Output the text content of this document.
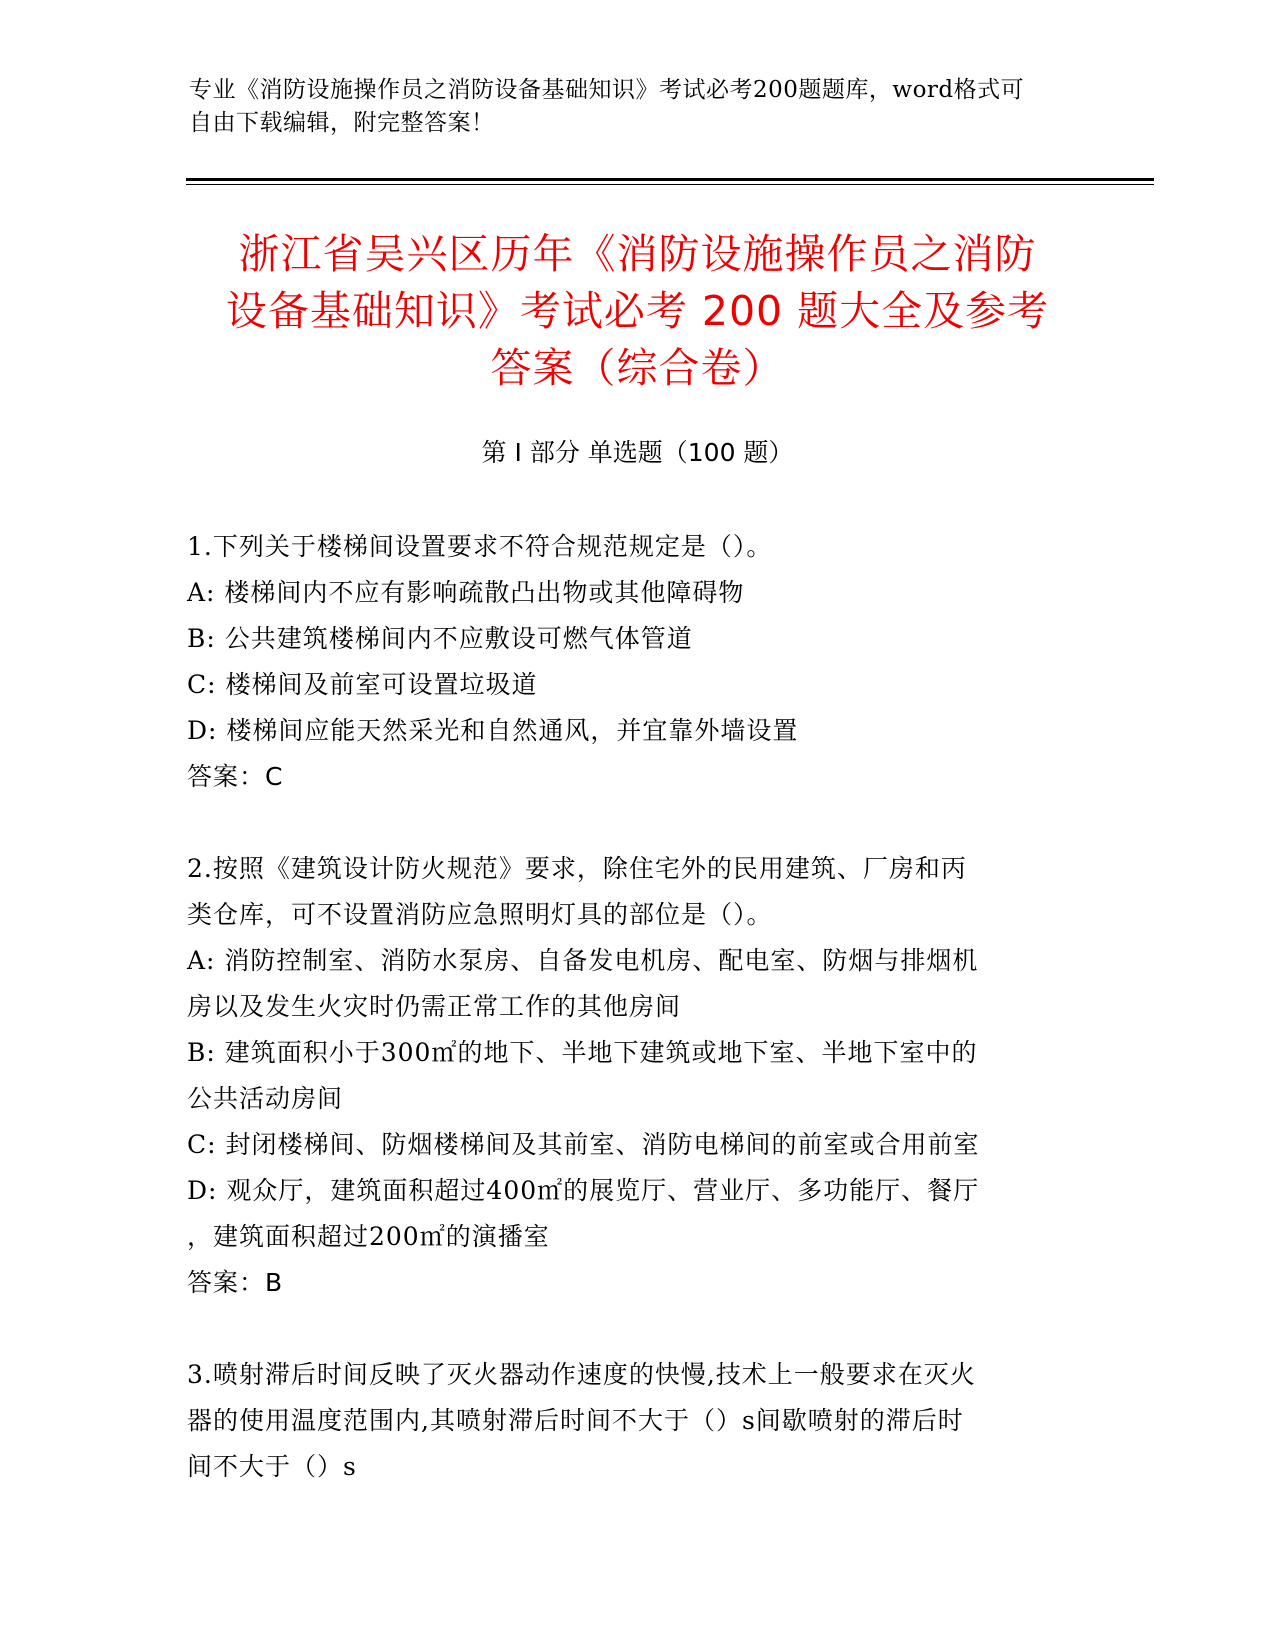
专业《消防设施操作员之消防设备基础知识》考试必考200题题库，word格式可
自由下载编辑，附完整答案！
浙江省吴兴区历年《消防设施操作员之消防
设备基础知识》考试必考 200 题大全及参考
答案（综合卷）
第 I 部分 单选题（100 题）
1.下列关于楼梯间设置要求不符合规范规定是（）。
A: 楼梯间内不应有影响疏散凸出物或其他障碍物
B: 公共建筑楼梯间内不应敷设可燃气体管道
C: 楼梯间及前室可设置垃圾道
D: 楼梯间应能天然采光和自然通风，并宜靠外墙设置
答案：C
2.按照《建筑设计防火规范》要求，除住宅外的民用建筑、厂房和丙
类仓库，可不设置消防应急照明灯具的部位是（）。
A: 消防控制室、消防水泵房、自备发电机房、配电室、防烟与排烟机
房以及发生火灾时仍需正常工作的其他房间
B: 建筑面积小于300㎡的地下、半地下建筑或地下室、半地下室中的
公共活动房间
C: 封闭楼梯间、防烟楼梯间及其前室、消防电梯间的前室或合用前室
D: 观众厅，建筑面积超过400㎡的展览厅、营业厅、多功能厅、餐厅
，建筑面积超过200㎡的演播室
答案：B
3.喷射滞后时间反映了灭火器动作速度的快慢,技术上一般要求在灭火
器的使用温度范围内,其喷射滞后时间不大于（）s间歇喷射的滞后时
间不大于（）s
